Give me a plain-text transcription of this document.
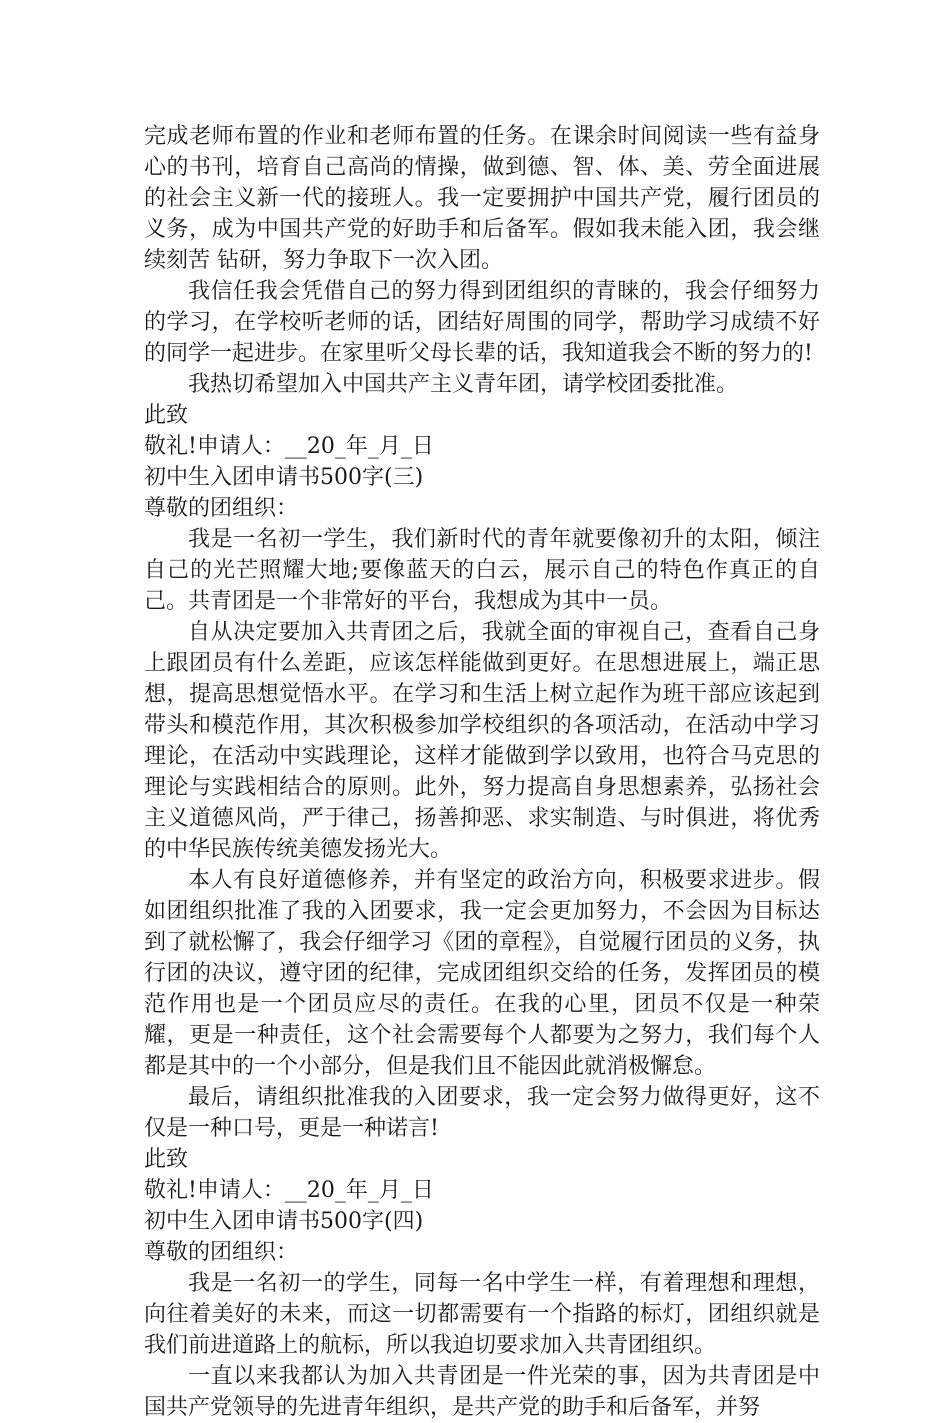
完成老师布置的作业和老师布置的任务。在课余时间阅读一些有益身心的书刊，培育自己高尚的情操，做到德、智、体、美、劳全面进展的社会主义新一代的接班人。我一定要拥护中国共产党，履行团员的义务，成为中国共产党的好助手和后备军。假如我未能入团，我会继续刻苦 钻研，努力争取下一次入团。

我信任我会凭借自己的努力得到团组织的青睐的，我会仔细努力的学习，在学校听老师的话，团结好周围的同学，帮助学习成绩不好的同学一起进步。在家里听父母长辈的话，我知道我会不断的努力的!

我热切希望加入中国共产主义青年团，请学校团委批准。

此致

敬礼!申请人：__20_年_月_日

初中生入团申请书500字(三)

尊敬的团组织：

我是一名初一学生，我们新时代的青年就要像初升的太阳，倾注自己的光芒照耀大地;要像蓝天的白云，展示自己的特色作真正的自己。共青团是一个非常好的平台，我想成为其中一员。

自从决定要加入共青团之后，我就全面的审视自己，查看自己身上跟团员有什么差距，应该怎样能做到更好。在思想进展上，端正思想，提高思想觉悟水平。在学习和生活上树立起作为班干部应该起到带头和模范作用，其次积极参加学校组织的各项活动，在活动中学习理论，在活动中实践理论，这样才能做到学以致用，也符合马克思的理论与实践相结合的原则。此外，努力提高自身思想素养，弘扬社会主义道德风尚，严于律己，扬善抑恶、求实制造、与时俱进，将优秀的中华民族传统美德发扬光大。

本人有良好道德修养，并有坚定的政治方向，积极要求进步。假如团组织批准了我的入团要求，我一定会更加努力，不会因为目标达到了就松懈了，我会仔细学习《团的章程》，自觉履行团员的义务，执行团的决议，遵守团的纪律，完成团组织交给的任务，发挥团员的模范作用也是一个团员应尽的责任。在我的心里，团员不仅是一种荣耀，更是一种责任，这个社会需要每个人都要为之努力，我们每个人都是其中的一个小部分，但是我们且不能因此就消极懈怠。

最后，请组织批准我的入团要求，我一定会努力做得更好，这不仅是一种口号，更是一种诺言!

此致

敬礼!申请人：__20_年_月_日

初中生入团申请书500字(四)

尊敬的团组织：

我是一名初一的学生，同每一名中学生一样，有着理想和理想，向往着美好的未来，而这一切都需要有一个指路的标灯，团组织就是我们前进道路上的航标，所以我迫切要求加入共青团组织。

一直以来我都认为加入共青团是一件光荣的事，因为共青团是中国共产党领导的先进青年组织，是共产党的助手和后备军，并努
